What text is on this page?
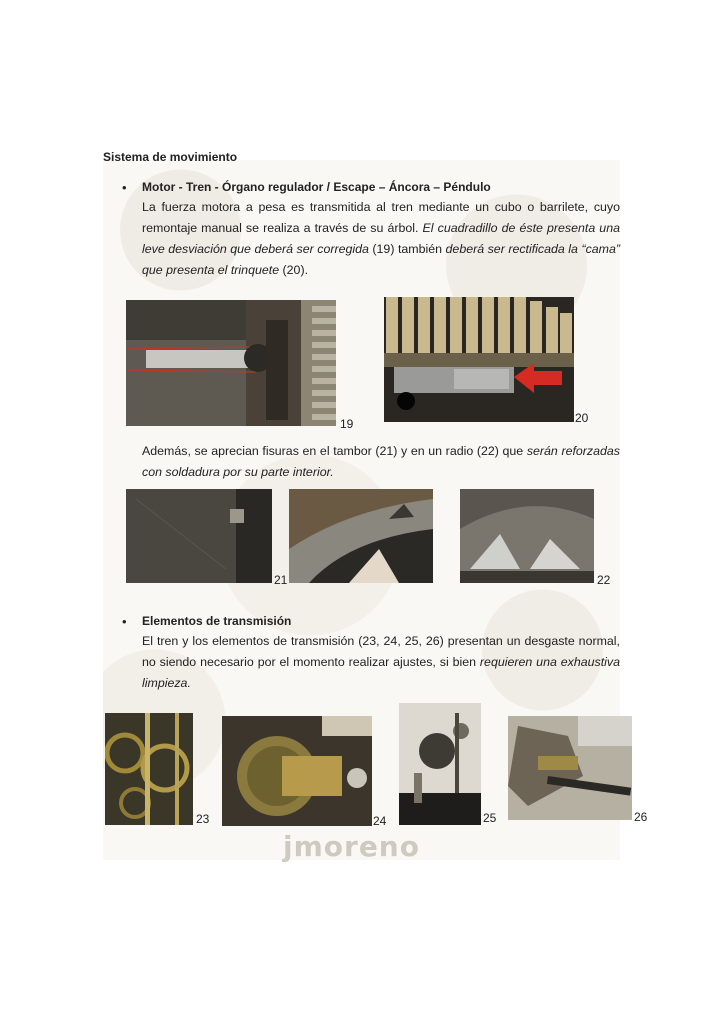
Sistema de movimiento
• Motor - Tren - Órgano regulador / Escape – Áncora – Péndulo
La fuerza motora a pesa es transmitida al tren mediante un cubo o barrilete, cuyo remontaje manual se realiza a través de su árbol. El cuadradillo de éste presenta una leve desviación que deberá ser corregida (19) también deberá ser rectificada la “cama” que presenta el trinquete (20).
19	20
Además, se aprecian fisuras en el tambor (21) y en un radio (22) que serán reforzadas con soldadura por su parte interior.
21	22
• Elementos de transmisión
El tren y los elementos de transmisión (23, 24, 25, 26) presentan un desgaste normal, no siendo necesario por el momento realizar ajustes, si bien requieren una exhaustiva limpieza.
23	24	25	26
jmoreno
